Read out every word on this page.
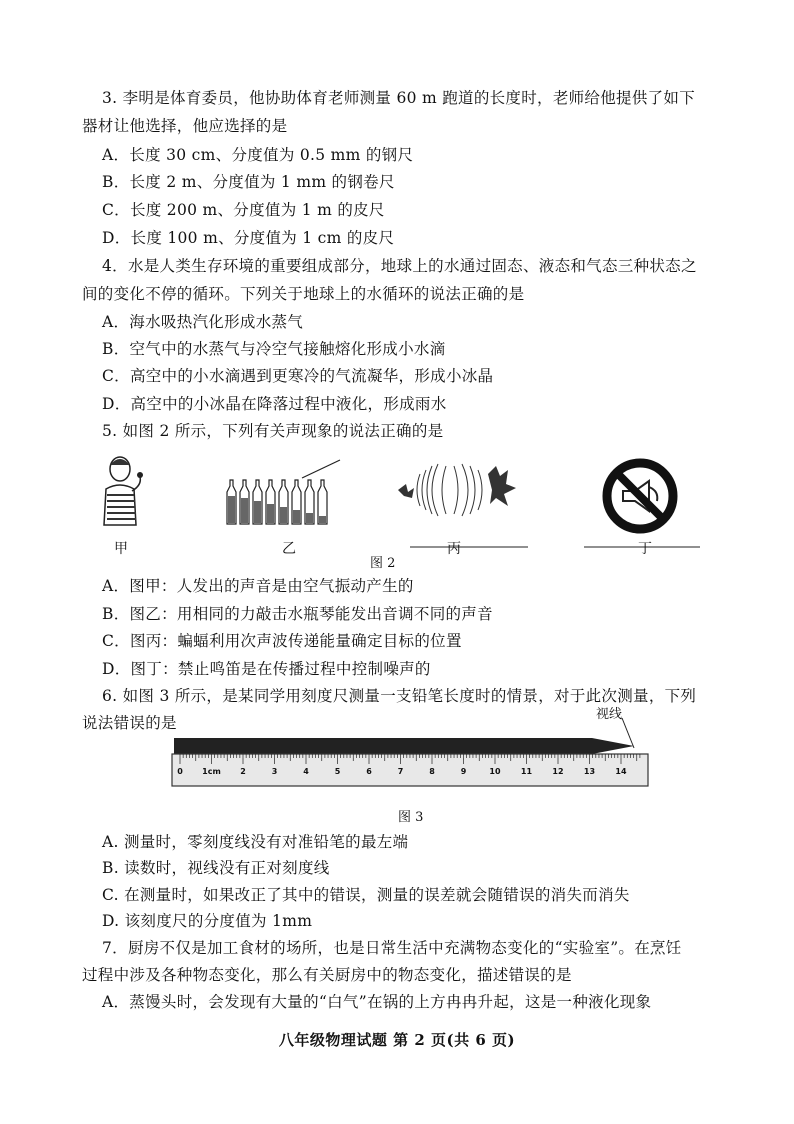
3. 李明是体育委员，他协助体育老师测量 60 m 跑道的长度时，老师给他提供了如下
器材让他选择，他应选择的是
A．长度 30 cm、分度值为 0.5 mm 的钢尺
B．长度 2 m、分度值为 1 mm 的钢卷尺
C．长度 200 m、分度值为 1 m 的皮尺
D．长度 100 m、分度值为 1 cm 的皮尺
4．水是人类生存环境的重要组成部分，地球上的水通过固态、液态和气态三种状态之
间的变化不停的循环。下列关于地球上的水循环的说法正确的是
A．海水吸热汽化形成水蒸气
B．空气中的水蒸气与冷空气接触熔化形成小水滴
C．高空中的小水滴遇到更寒冷的气流凝华，形成小冰晶
D．高空中的小冰晶在降落过程中液化，形成雨水
5. 如图 2 所示，下列有关声现象的说法正确的是
甲	乙	丙	丁
图 2
A．图甲：人发出的声音是由空气振动产生的
B．图乙：用相同的力敲击水瓶琴能发出音调不同的声音
C．图丙：蝙蝠利用次声波传递能量确定目标的位置
D．图丁：禁止鸣笛是在传播过程中控制噪声的
6. 如图 3 所示，是某同学用刻度尺测量一支铅笔长度时的情景，对于此次测量，下列
说法错误的是	视线
0 1cm 2	3	4	5	6	7	8	9	10	11	12	13	14
图 3
A. 测量时，零刻度线没有对准铅笔的最左端
B. 读数时，视线没有正对刻度线
C. 在测量时，如果改正了其中的错误，测量的误差就会随错误的消失而消失
D. 该刻度尺的分度值为 1mm
7．厨房不仅是加工食材的场所，也是日常生活中充满物态变化的“实验室”。在烹饪
过程中涉及各种物态变化，那么有关厨房中的物态变化，描述错误的是
A．蒸馒头时，会发现有大量的“白气”在锅的上方冉冉升起，这是一种液化现象
八年级物理试题 第 2 页(共 6 页)
